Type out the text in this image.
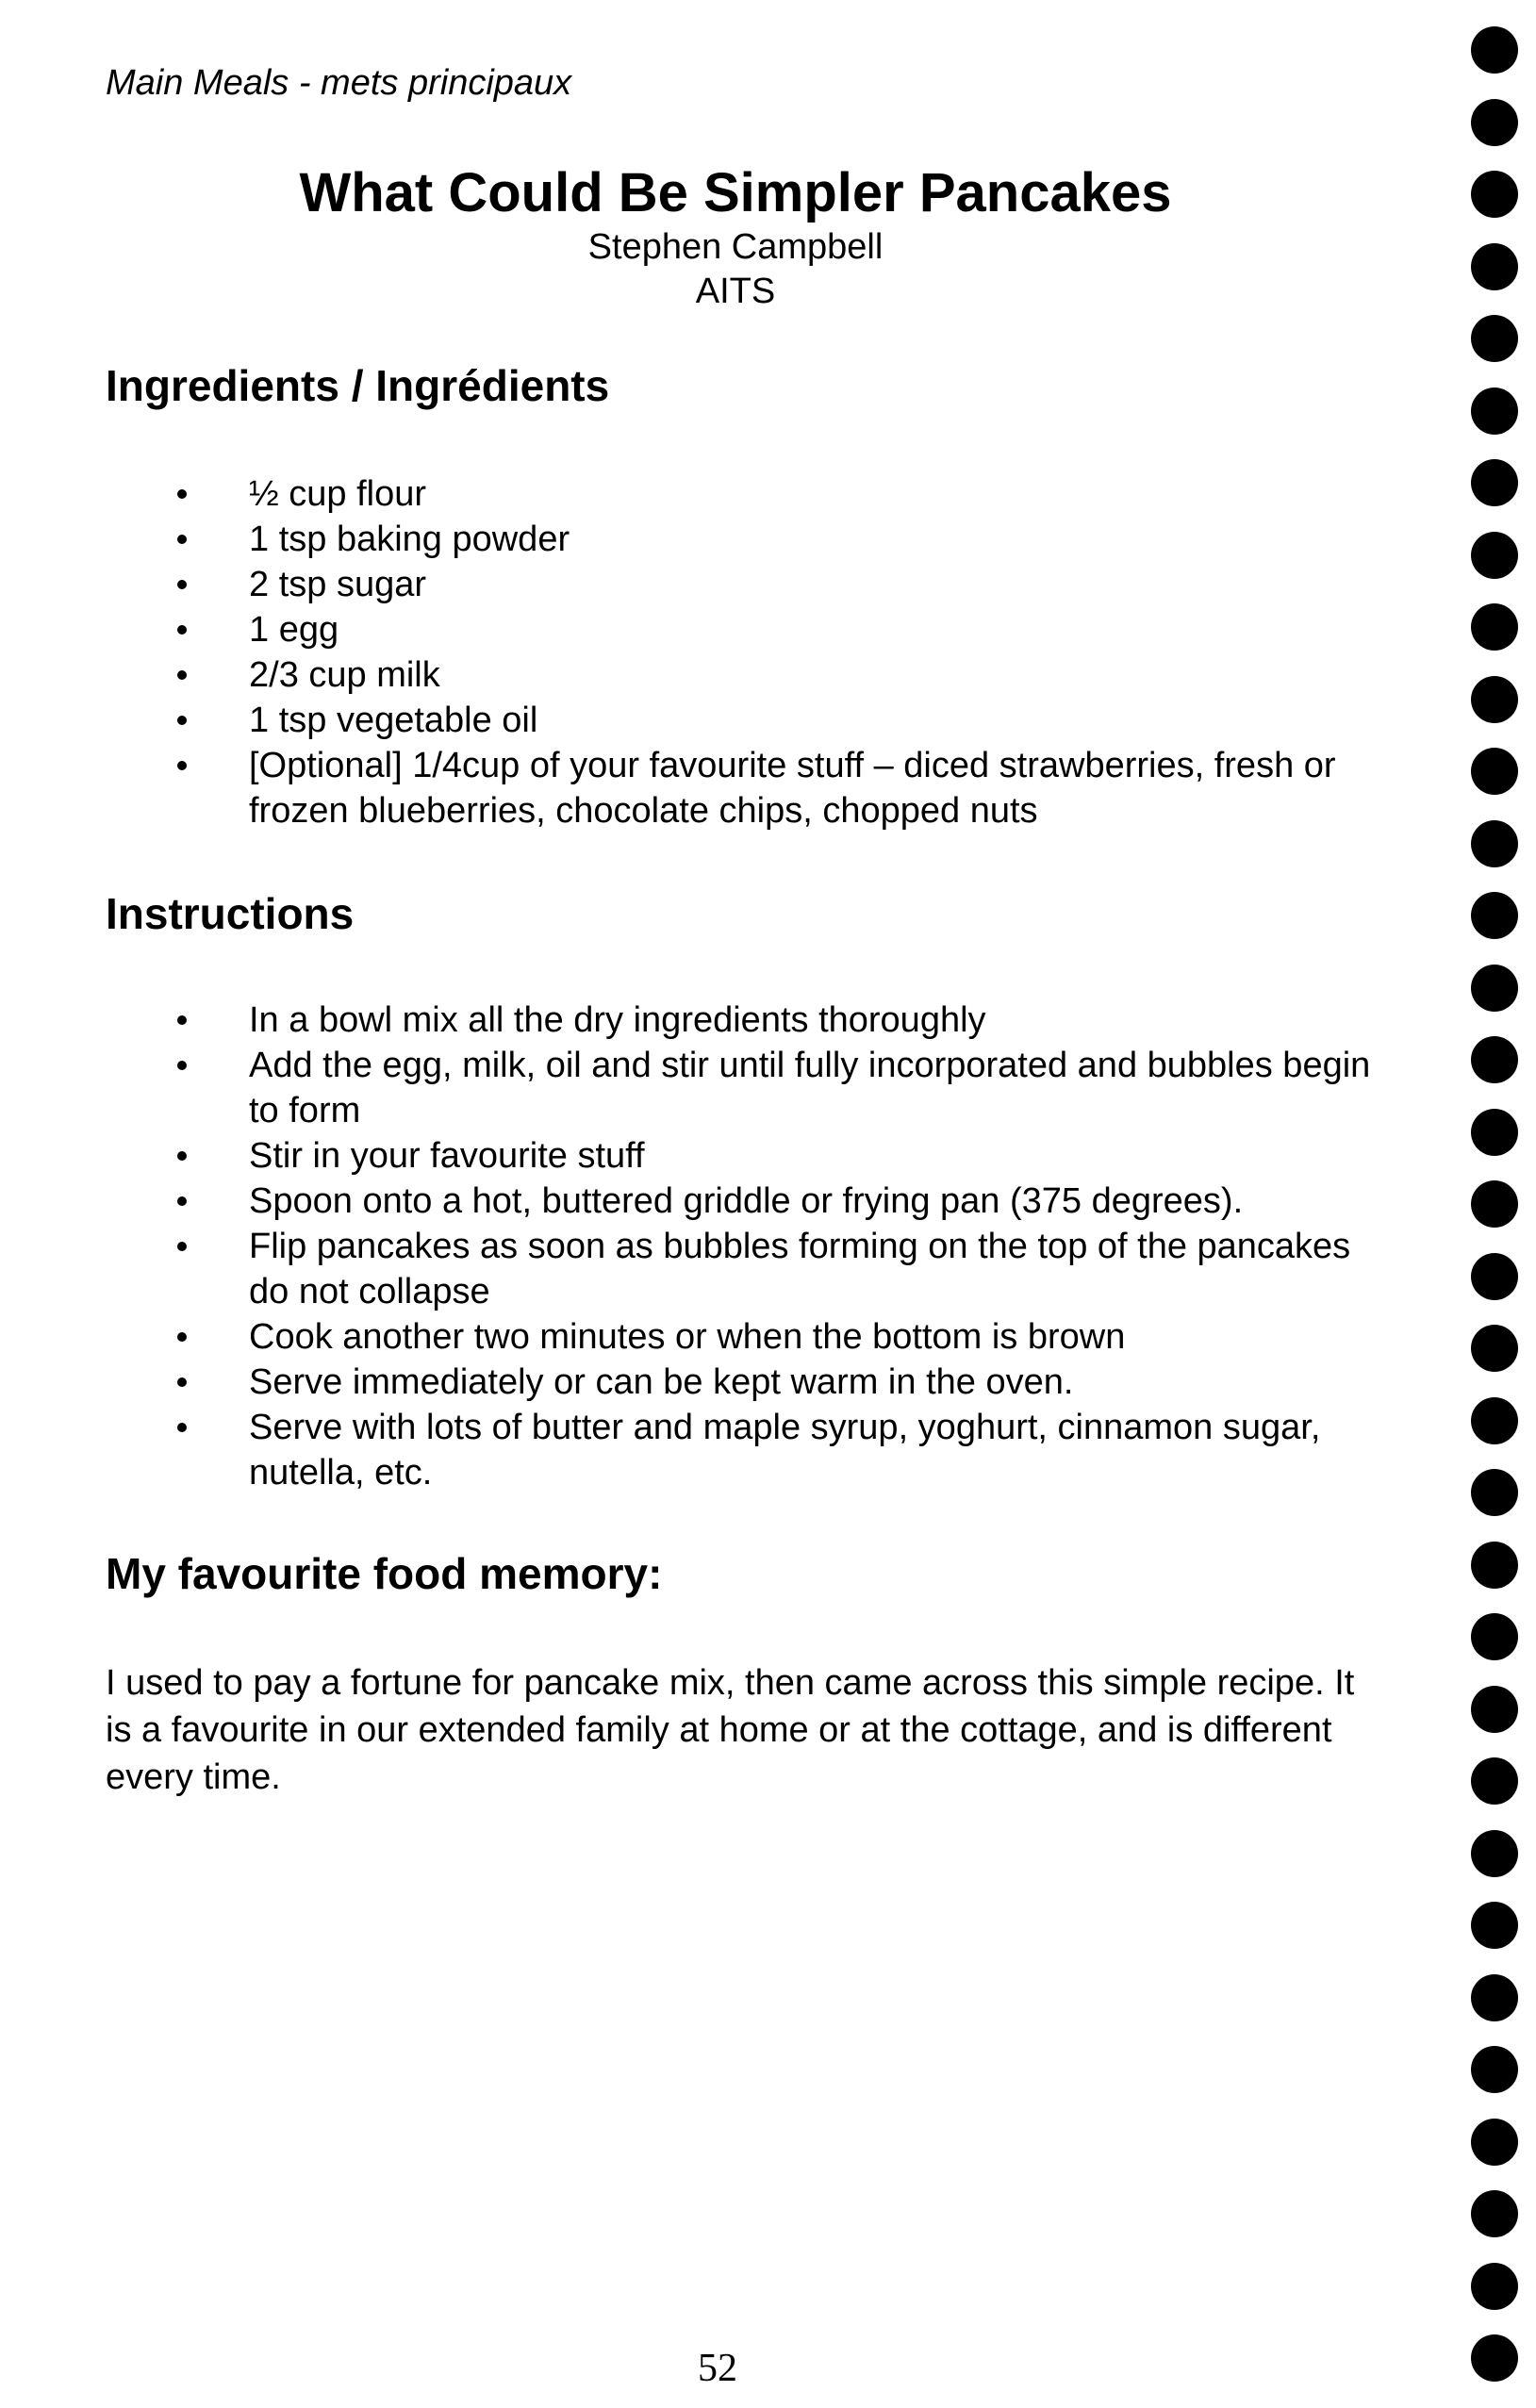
Main Meals - mets principaux
What Could Be Simpler Pancakes
Stephen Campbell
AITS
Ingredients / Ingrédients
½ cup flour
1 tsp baking powder
2 tsp sugar
1 egg
2/3 cup milk
1 tsp vegetable oil
[Optional] 1/4cup of your favourite stuff – diced strawberries, fresh or frozen blueberries, chocolate chips, chopped nuts
Instructions
In a bowl mix all the dry ingredients thoroughly
Add the egg, milk, oil and stir until fully incorporated and bubbles begin to form
Stir in your favourite stuff
Spoon onto a hot, buttered griddle or frying pan (375 degrees).
Flip pancakes as soon as bubbles forming on the top of the pancakes do not collapse
Cook another two minutes or when the bottom is brown
Serve immediately or can be kept warm in the oven.
Serve with lots of butter and maple syrup, yoghurt, cinnamon sugar, nutella, etc.
My favourite food memory:

I used to pay a fortune for pancake mix, then came across this simple recipe. It is a favourite in our extended family at home or at the cottage, and is different every time.

52
